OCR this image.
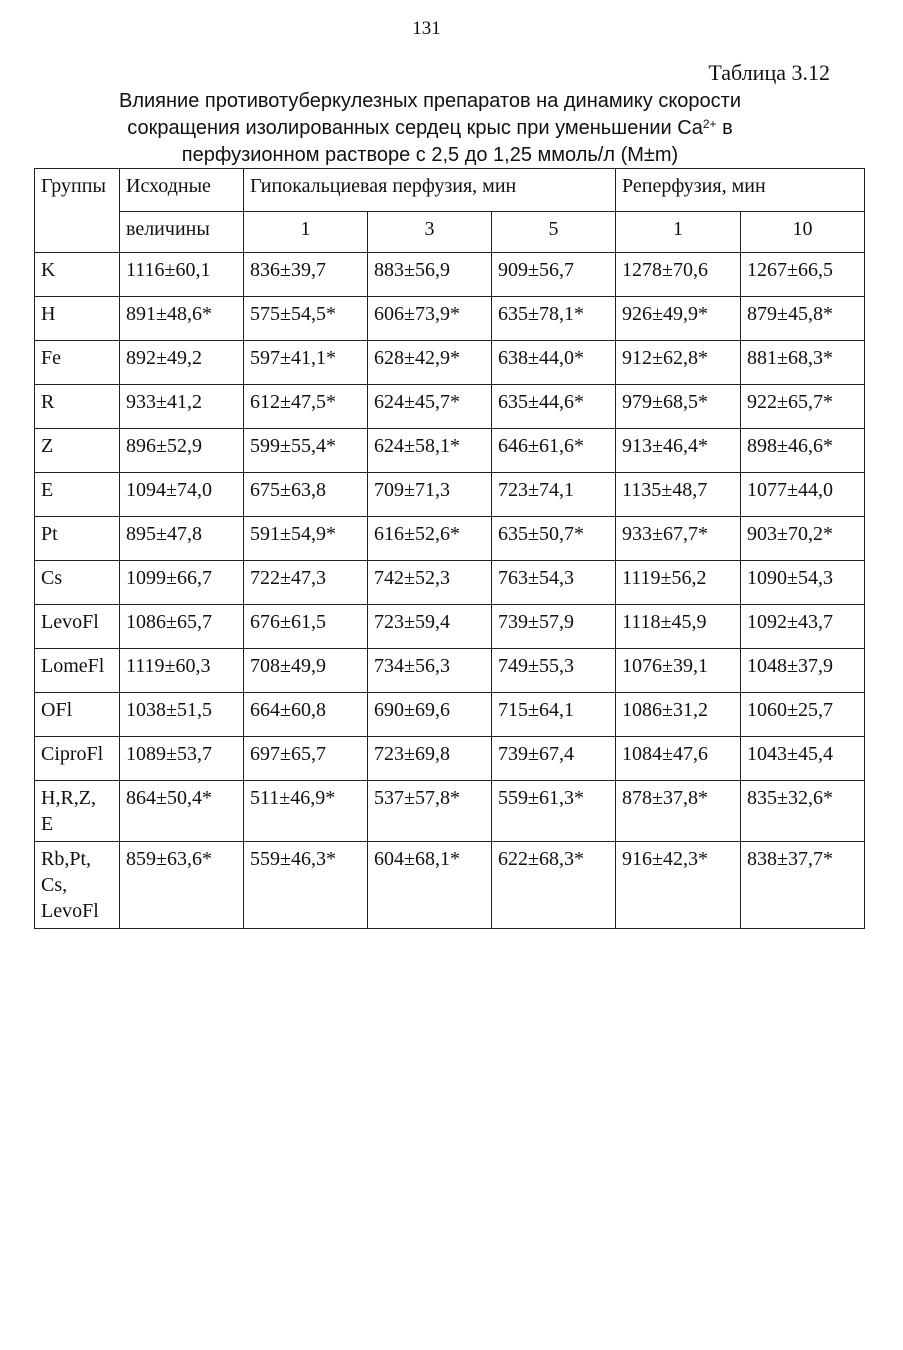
131
Таблица 3.12
Влияние противотуберкулезных препаратов на динамику скорости
сокращения изолированных сердец крыс при уменьшении $Ca^{2+}$ в
перфузионном растворе с 2,5 до 1,25 ммоль/л (M±m)
Группы	Исходные	Гипокальциевая перфузия, мин			Реперфузия, мин	
	величины	1	3	5	1	10
K	1116±60,1	836±39,7	883±56,9	909±56,7	1278±70,6	1267±66,5
H	891±48,6*	575±54,5*	606±73,9*	635±78,1*	926±49,9*	879±45,8*
Fe	892±49,2	597±41,1*	628±42,9*	638±44,0*	912±62,8*	881±68,3*
R	933±41,2	612±47,5*	624±45,7*	635±44,6*	979±68,5*	922±65,7*
Z	896±52,9	599±55,4*	624±58,1*	646±61,6*	913±46,4*	898±46,6*
E	1094±74,0	675±63,8	709±71,3	723±74,1	1135±48,7	1077±44,0
Pt	895±47,8	591±54,9*	616±52,6*	635±50,7*	933±67,7*	903±70,2*
Cs	1099±66,7	722±47,3	742±52,3	763±54,3	1119±56,2	1090±54,3
LevoFl	1086±65,7	676±61,5	723±59,4	739±57,9	1118±45,9	1092±43,7
LomeFl	1119±60,3	708±49,9	734±56,3	749±55,3	1076±39,1	1048±37,9
OFl	1038±51,5	664±60,8	690±69,6	715±64,1	1086±31,2	1060±25,7
CiproFl	1089±53,7	697±65,7	723±69,8	739±67,4	1084±47,6	1043±45,4

H,R,Z,
E	864±50,4*	511±46,9*	537±57,8*	559±61,3*	878±37,8*	835±32,6*

Rb,Pt,
Cs,
LevoFl	859±63,6*	559±46,3*	604±68,1*	622±68,3*	916±42,3*	838±37,7*
